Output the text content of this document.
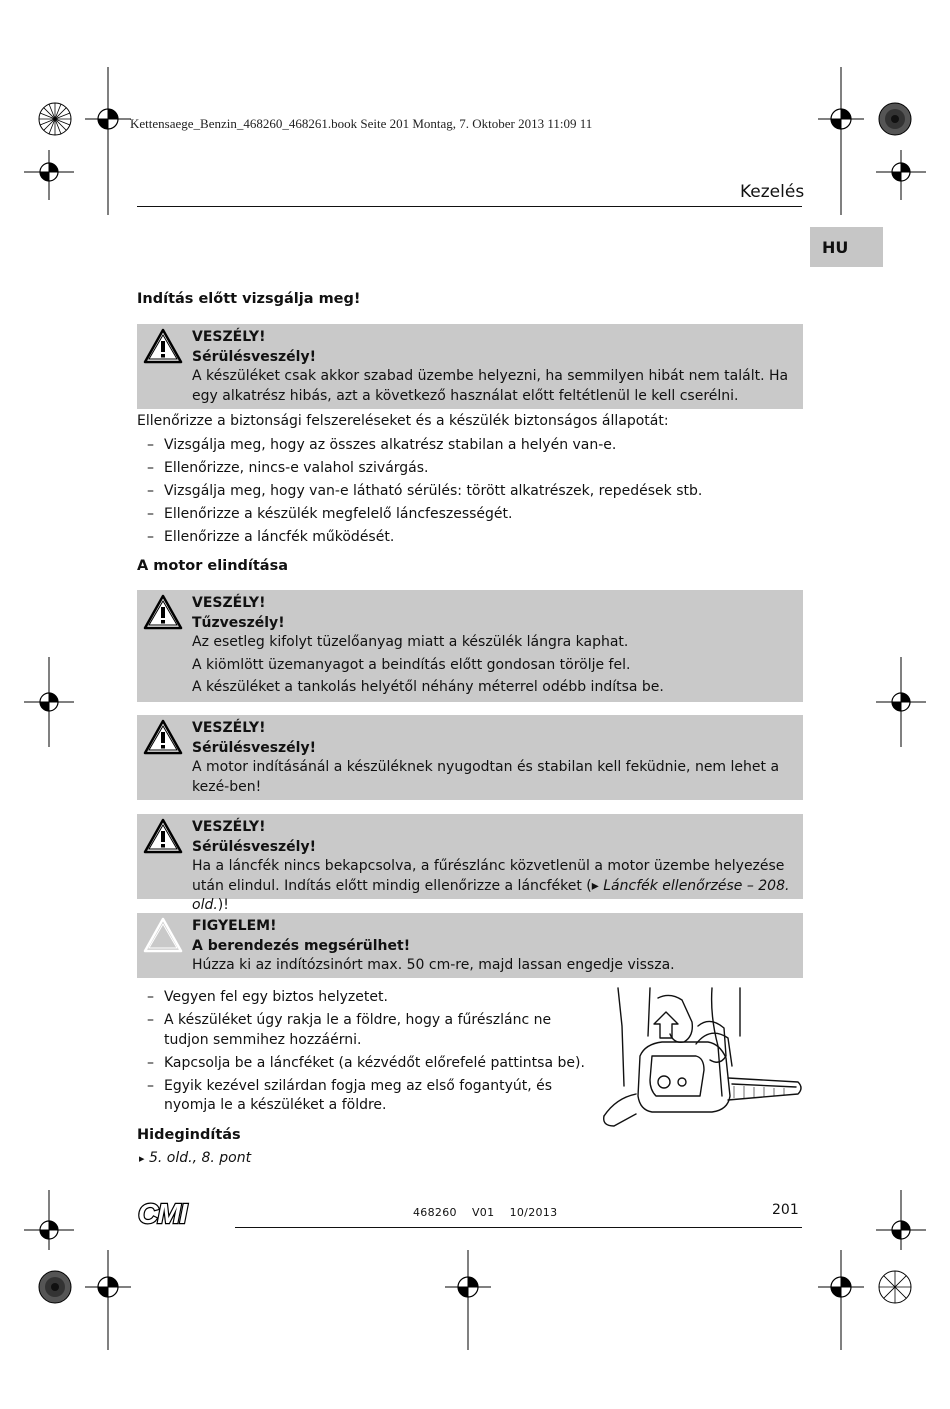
Kettensaege_Benzin_468260_468261.book Seite 201 Montag, 7. Oktober 2013 11:09 11
Kezelés
HU
Indítás előtt vizsgálja meg!

VESZÉLY!

Sérülésveszély!

A készüléket csak akkor szabad üzembe helyezni, ha semmilyen hibát nem talált. Ha egy alkatrész hibás, azt a következő használat előtt feltétlenül le kell cserélni.

Ellenőrizze a biztonsági felszereléseket és a készülék biztonságos állapotát:
– Vizsgálja meg, hogy az összes alkatrész stabilan a helyén van-e.
– Ellenőrizze, nincs-e valahol szivárgás.
– Vizsgálja meg, hogy van-e látható sérülés: törött alkatrészek, repedések stb.
– Ellenőrizze a készülék megfelelő láncfeszességét.
– Ellenőrizze a láncfék működését.
A motor elindítása

VESZÉLY!

Tűzveszély!

Az esetleg kifolyt tüzelőanyag miatt a készülék lángra kaphat.

A kiömlött üzemanyagot a beindítás előtt gondosan törölje fel.

A készüléket a tankolás helyétől néhány méterrel odébb indítsa be.

VESZÉLY!

Sérülésveszély!

A motor indításánál a készüléknek nyugodtan és stabilan kell feküdnie, nem lehet a kezé-ben!

VESZÉLY!

Sérülésveszély!

Ha a láncfék nincs bekapcsolva, a fűrészlánc közvetlenül a motor üzembe helyezése után elindul. Indítás előtt mindig ellenőrizze a láncféket (▸ Láncfék ellenőrzése – 208. old.)!

FIGYELEM!

A berendezés megsérülhet!

Húzza ki az indítózsinórt max. 50 cm-re, majd lassan engedje vissza.

– Vegyen fel egy biztos helyzetet.
– A készüléket úgy rakja le a földre, hogy a fűrészlánc ne tudjon semmihez hozzáérni.
– Kapcsolja be a láncféket (a kézvédőt előrefelé pattintsa be).
– Egyik kezével szilárdan fogja meg az első fogantyút, és nyomja le a készüléket a földre.
Hidegindítás
▸ 5. old., 8. pont
CMI	468260    V01    10/2013	201
